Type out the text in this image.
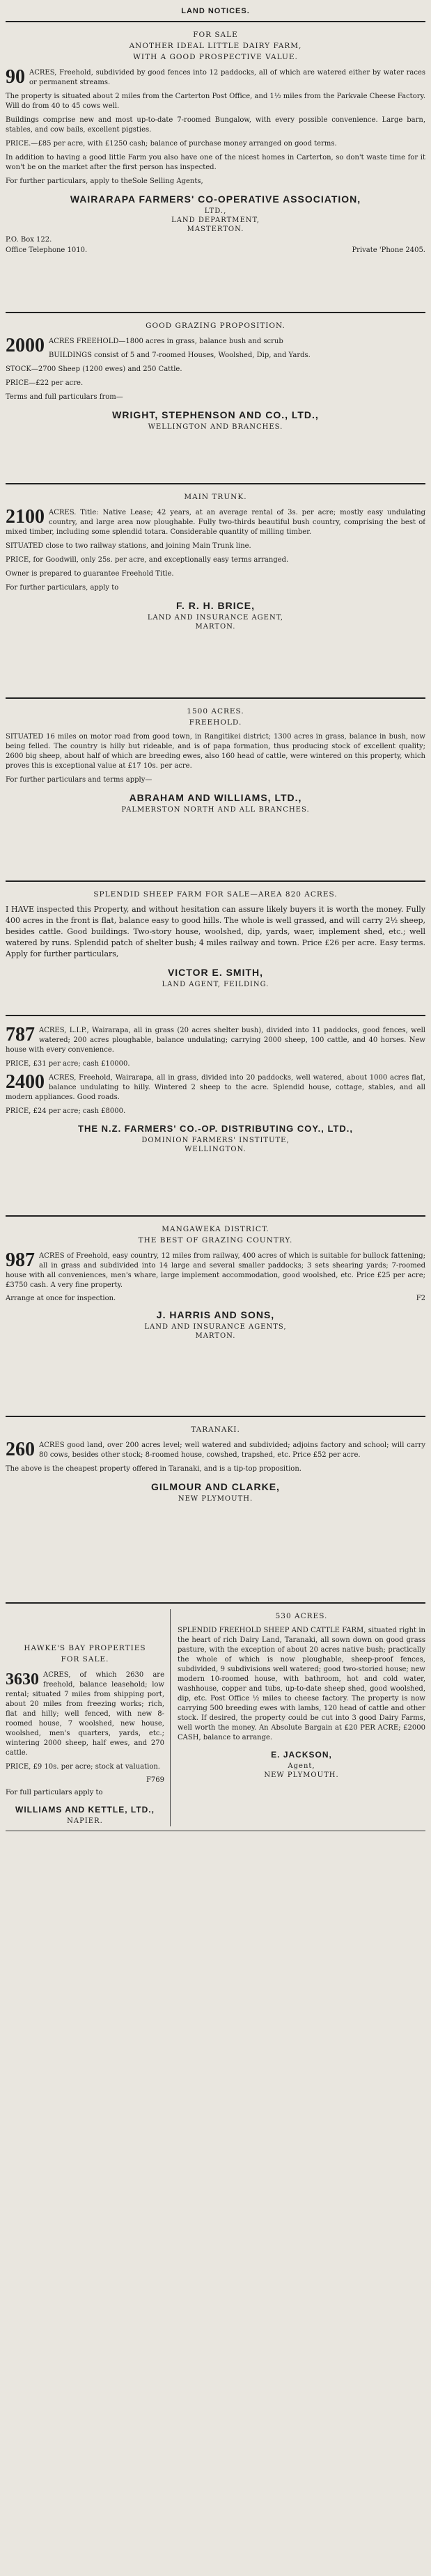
LAND NOTICES.
FOR SALE
ANOTHER IDEAL LITTLE DAIRY FARM,
WITH A GOOD PROSPECTIVE VALUE.
90 ACRES, Freehold, subdivided by good fences into 12 paddocks, all of which are watered either by water races or permanent streams.
The property is situated about 2 miles from the Carterton Post Office, and 1½ miles from the Parkvale Cheese Factory. Will do from 40 to 45 cows well.
Buildings comprise new and most up-to-date 7-roomed Bungalow, with every possible convenience. Large barn, stables, and cow bails, excellent pigsties.
PRICE.—£85 per acre, with £1250 cash; balance of purchase money arranged on good terms.
In addition to having a good little Farm you also have one of the nicest homes in Carterton, so don't waste time for it won't be on the market after the first person has inspected.
For further particulars, apply to theSole Selling Agents,
WAIRARAPA FARMERS' CO-OPERATIVE ASSOCIATION,
LTD.,
LAND DEPARTMENT,
MASTERTON.
P.O. Box 122.
Office Telephone 1010.	Private 'Phone 2405.
GOOD GRAZING PROPOSITION.
2000 ACRES FREEHOLD—1800 acres in grass, balance bush and scrub
BUILDINGS consist of 5 and 7-roomed Houses, Woolshed, Dip, and Yards.
STOCK—2700 Sheep (1200 ewes) and 250 Cattle.
PRICE—£22 per acre.
Terms and full particulars from—
WRIGHT, STEPHENSON AND CO., LTD.,
WELLINGTON AND BRANCHES.
MAIN TRUNK.
2100 ACRES. Title: Native Lease; 42 years, at an average rental of 3s. per acre; mostly easy undulating country, and large area now ploughable. Fully two-thirds beautiful bush country, comprising the best of mixed timber, including some splendid totara. Considerable quantity of milling timber.
SITUATED close to two railway stations, and joining Main Trunk line.
PRICE, for Goodwill, only 25s. per acre, and exceptionally easy terms arranged.
Owner is prepared to guarantee Freehold Title.
For further particulars, apply to
F. R. H. BRICE,
LAND AND INSURANCE AGENT,
MARTON.
1500 ACRES.
FREEHOLD.
SITUATED 16 miles on motor road from good town, in Rangitikei district; 1300 acres in grass, balance in bush, now being felled. The country is hilly but rideable, and is of papa formation, thus producing stock of excellent quality; 2600 big sheep, about half of which are breeding ewes, also 160 head of cattle, were wintered on this property, which proves this is exceptional value at £17 10s. per acre.
For further particulars and terms apply—
ABRAHAM AND WILLIAMS, LTD.,
PALMERSTON NORTH AND ALL BRANCHES.
SPLENDID SHEEP FARM FOR SALE—AREA 820 ACRES.
I HAVE inspected this Property, and without hesitation can assure likely buyers it is worth the money. Fully 400 acres in the front is flat, balance easy to good hills. The whole is well grassed, and will carry 2½ sheep, besides cattle. Good buildings. Two-story house, woolshed, dip, yards, waer, implement shed, etc.; well watered by runs. Splendid patch of shelter bush; 4 miles railway and town. Price £26 per acre. Easy terms. Apply for further particulars,
VICTOR E. SMITH,
LAND AGENT, FEILDING.
787 ACRES, L.I.P., Wairarapa, all in grass (20 acres shelter bush), divided into 11 paddocks, good fences, well watered; 200 acres ploughable, balance undulating; carrying 2000 sheep, 100 cattle, and 40 horses. New house with every convenience.
PRICE, £31 per acre; cash £10000.
2400 ACRES, Freehold, Wairarapa, all in grass, divided into 20 paddocks, well watered, about 1000 acres flat, balance undulating to hilly. Wintered 2 sheep to the acre. Splendid house, cottage, stables, and all modern appliances. Good roads.
PRICE, £24 per acre; cash £8000.
THE N.Z. FARMERS' CO.-OP. DISTRIBUTING COY., LTD.,
DOMINION FARMERS' INSTITUTE,
WELLINGTON.
MANGAWEKA DISTRICT.
THE BEST OF GRAZING COUNTRY.
987 ACRES of Freehold, easy country, 12 miles from railway, 400 acres of which is suitable for bullock fattening; all in grass and subdivided into 14 large and several smaller paddocks; 3 sets shearing yards; 7-roomed house with all conveniences, men's whare, large implement accommodation, good woolshed, etc. Price £25 per acre; £3750 cash. A very fine property.
Arrange at once for inspection.	F2
J. HARRIS AND SONS,
LAND AND INSURANCE AGENTS,
MARTON.
TARANAKI.
260 ACRES good land, over 200 acres level; well watered and subdivided; adjoins factory and school; will carry 80 cows, besides other stock; 8-roomed house, cowshed, trapshed, etc. Price £52 per acre.
The above is the cheapest property offered in Taranaki, and is a tip-top proposition.
GILMOUR AND CLARKE,
NEW PLYMOUTH.
HAWKE'S BAY PROPERTIES
FOR SALE.
3630 ACRES, of which 2630 are freehold, balance leasehold; low rental; situated 7 miles from shipping port, about 20 miles from freezing works; rich, flat and hilly; well fenced, with new 8-roomed house, 7 woolshed, new house, woolshed, men's quarters, yards, etc.; wintering 2000 sheep, half ewes, and 270 cattle.
PRICE, £9 10s. per acre; stock at valuation.
F769
For full particulars apply to
WILLIAMS AND KETTLE, LTD.,
NAPIER.
530 ACRES.
SPLENDID FREEHOLD SHEEP AND CATTLE FARM, situated right in the heart of rich Dairy Land, Taranaki, all sown down on good grass pasture, with the exception of about 20 acres native bush; practically the whole of which is now ploughable, sheep-proof fences, subdivided, 9 subdivisions well watered; good two-storied house; new modern 10-roomed house, with bathroom, hot and cold water, washhouse, copper and tubs, up-to-date sheep shed, good woolshed, dip, etc. Post Office ½ miles to cheese factory. The property is now carrying 500 breeding ewes with lambs, 120 head of cattle and other stock. If desired, the property could be cut into 3 good Dairy Farms, well worth the money. An Absolute Bargain at £20 PER ACRE; £2000 CASH, balance to arrange.
E. JACKSON,
Agent,
NEW PLYMOUTH.
